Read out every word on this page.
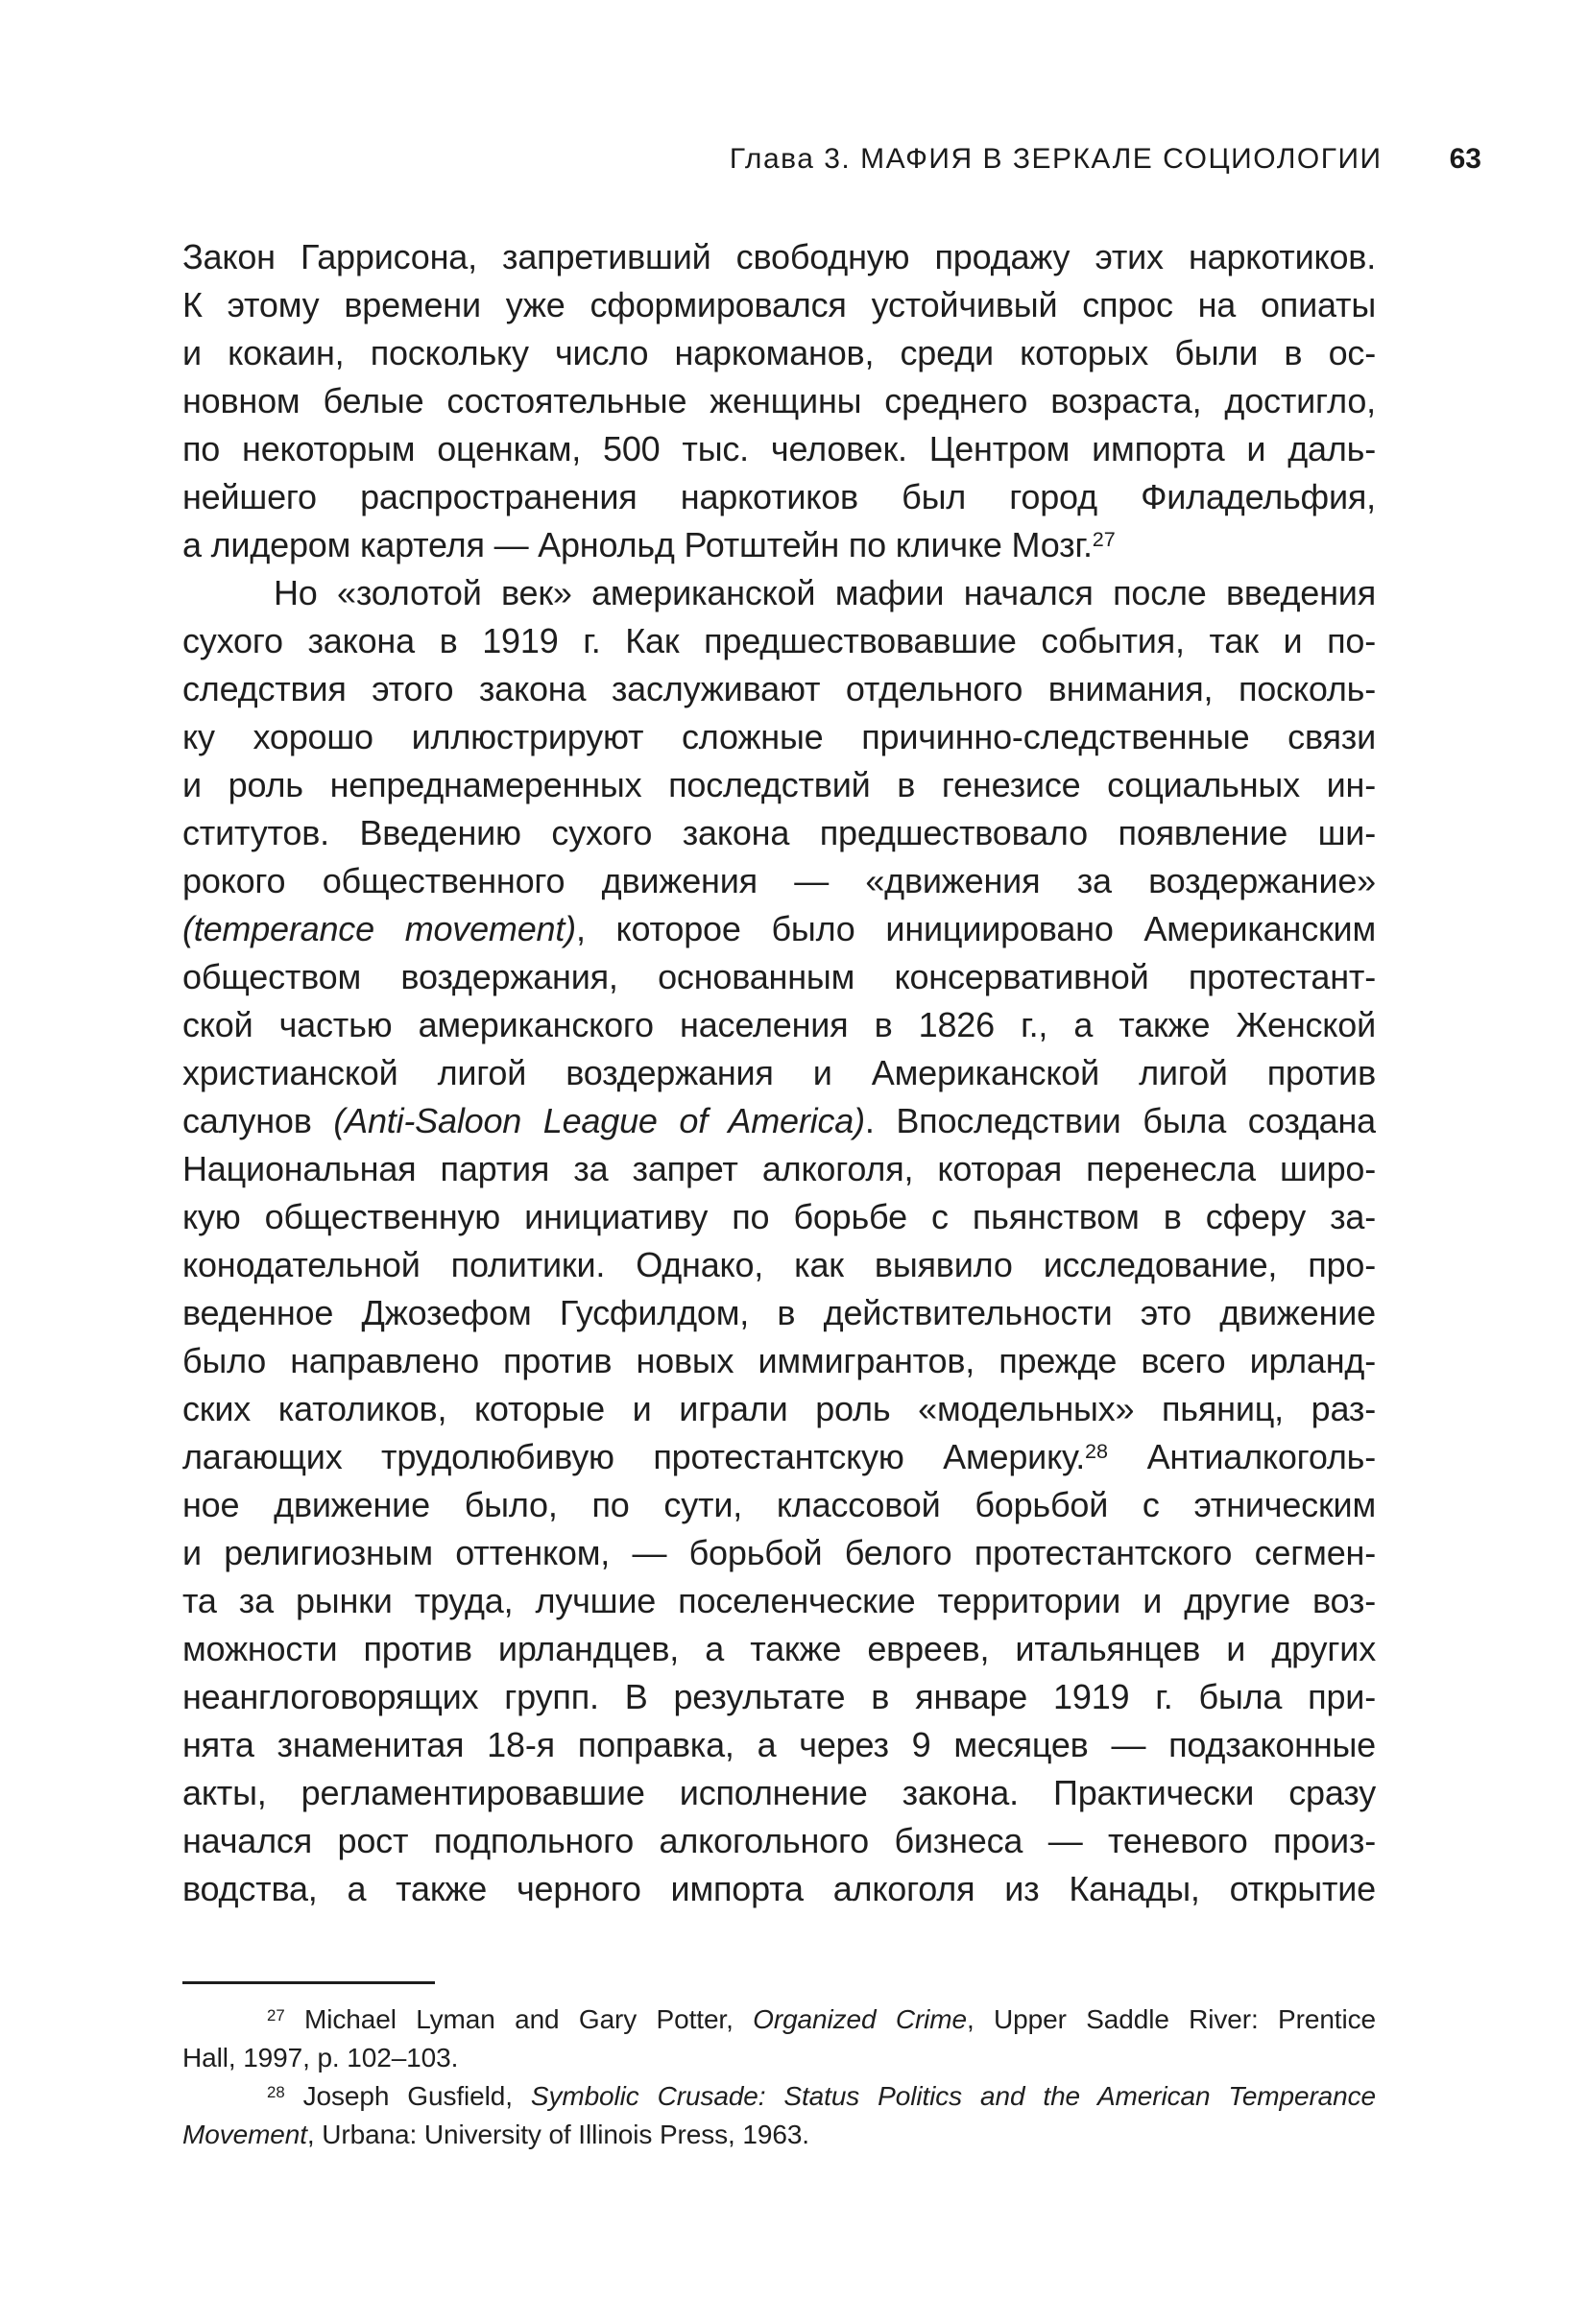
Глава 3. МАФИЯ В ЗЕРКАЛЕ СОЦИОЛОГИИ 63
Закон Гаррисона, запретивший свободную продажу этих наркотиков.
К этому времени уже сформировался устойчивый спрос на опиаты
и кокаин, поскольку число наркоманов, среди которых были в ос-
новном белые состоятельные женщины среднего возраста, достигло,
по некоторым оценкам, 500 тыс. человек. Центром импорта и даль-
нейшего распространения наркотиков был город Филадельфия,
а лидером картеля — Арнольд Ротштейн по кличке Мозг.$^{27}$
Но «золотой век» американской мафии начался после введения
сухого закона в 1919 г. Как предшествовавшие события, так и по-
следствия этого закона заслуживают отдельного внимания, посколь-
ку хорошо иллюстрируют сложные причинно-следственные связи
и роль непреднамеренных последствий в генезисе социальных ин-
ститутов. Введению сухого закона предшествовало появление ши-
рокого общественного движения — «движения за воздержание»
(temperance movement), которое было инициировано Американским
обществом воздержания, основанным консервативной протестант-
ской частью американского населения в 1826 г., а также Женской
христианской лигой воздержания и Американской лигой против
салунов (Anti-Saloon League of America). Впоследствии была создана
Национальная партия за запрет алкоголя, которая перенесла широ-
кую общественную инициативу по борьбе с пьянством в сферу за-
конодательной политики. Однако, как выявило исследование, про-
веденное Джозефом Гусфилдом, в действительности это движение
было направлено против новых иммигрантов, прежде всего ирланд-
ских католиков, которые и играли роль «модельных» пьяниц, раз-
лагающих трудолюбивую протестантскую Америку.$^{28}$ Антиалкоголь-
ное движение было, по сути, классовой борьбой с этническим
и религиозным оттенком, — борьбой белого протестантского сегмен-
та за рынки труда, лучшие поселенческие территории и другие воз-
можности против ирландцев, а также евреев, итальянцев и других
неанглоговорящих групп. В результате в январе 1919 г. была при-
нята знаменитая 18-я поправка, а через 9 месяцев — подзаконные
акты, регламентировавшие исполнение закона. Практически сразу
начался рост подпольного алкогольного бизнеса — теневого произ-
водства, а также черного импорта алкоголя из Канады, открытие
$^{27}$ Michael Lyman and Gary Potter, Organized Crime, Upper Saddle River: Prentice
Hall, 1997, p. 102–103.
$^{28}$ Joseph Gusfield, Symbolic Crusade: Status Politics and the American Temperance
Movement, Urbana: University of Illinois Press, 1963.
